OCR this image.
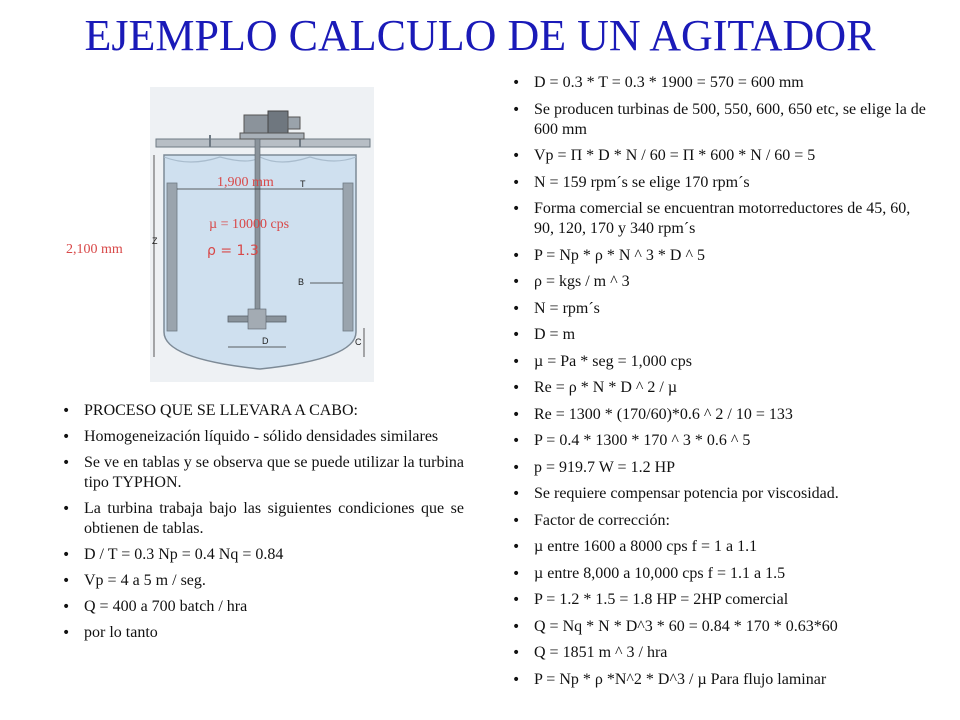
EJEMPLO CALCULO DE UN AGITADOR
T
Z
B
D	C
2,100 mm
1,900 mm
µ = 10000 cps
ρ = 1.3
• PROCESO QUE SE LLEVARA A CABO:
• Homogeneización líquido - sólido densidades similares
• Se ve en tablas y se observa que se puede utilizar la turbina tipo TYPHON.
• La turbina trabaja bajo las siguientes condiciones que se obtienen de tablas.
• D / T = 0.3 Np = 0.4 Nq = 0.84
• Vp = 4 a 5 m / seg.
• Q = 400 a 700 batch / hra
• por lo tanto
• D = 0.3 * T = 0.3 * 1900 = 570 = 600 mm
• Se producen turbinas de 500, 550, 600, 650 etc, se elige la de 600 mm
• Vp = Π * D * N / 60 = Π * 600 * N / 60 = 5
• N = 159 rpm´s se elige 170 rpm´s
• Forma comercial se encuentran motorreductores de 45, 60, 90, 120, 170 y 340 rpm´s
• P = Np * ρ * N ^ 3 * D ^ 5
• ρ = kgs / m ^ 3
• N = rpm´s
• D = m
• µ = Pa * seg = 1,000 cps
• Re = ρ * N * D ^ 2 / µ
• Re = 1300 * (170/60)*0.6 ^ 2 / 10 = 133
• P = 0.4 * 1300 * 170 ^ 3 * 0.6 ^ 5
• p = 919.7 W = 1.2 HP
• Se requiere compensar potencia por viscosidad.
• Factor de corrección:
• µ entre 1600 a 8000 cps f = 1 a 1.1
• µ entre 8,000 a 10,000 cps f = 1.1 a 1.5
• P = 1.2 * 1.5 = 1.8 HP = 2HP comercial
• Q = Nq * N * D^3 * 60 = 0.84 * 170 * 0.63*60
• Q = 1851 m ^ 3 / hra
• P = Np * ρ *N^2 * D^3 / µ Para flujo laminar
